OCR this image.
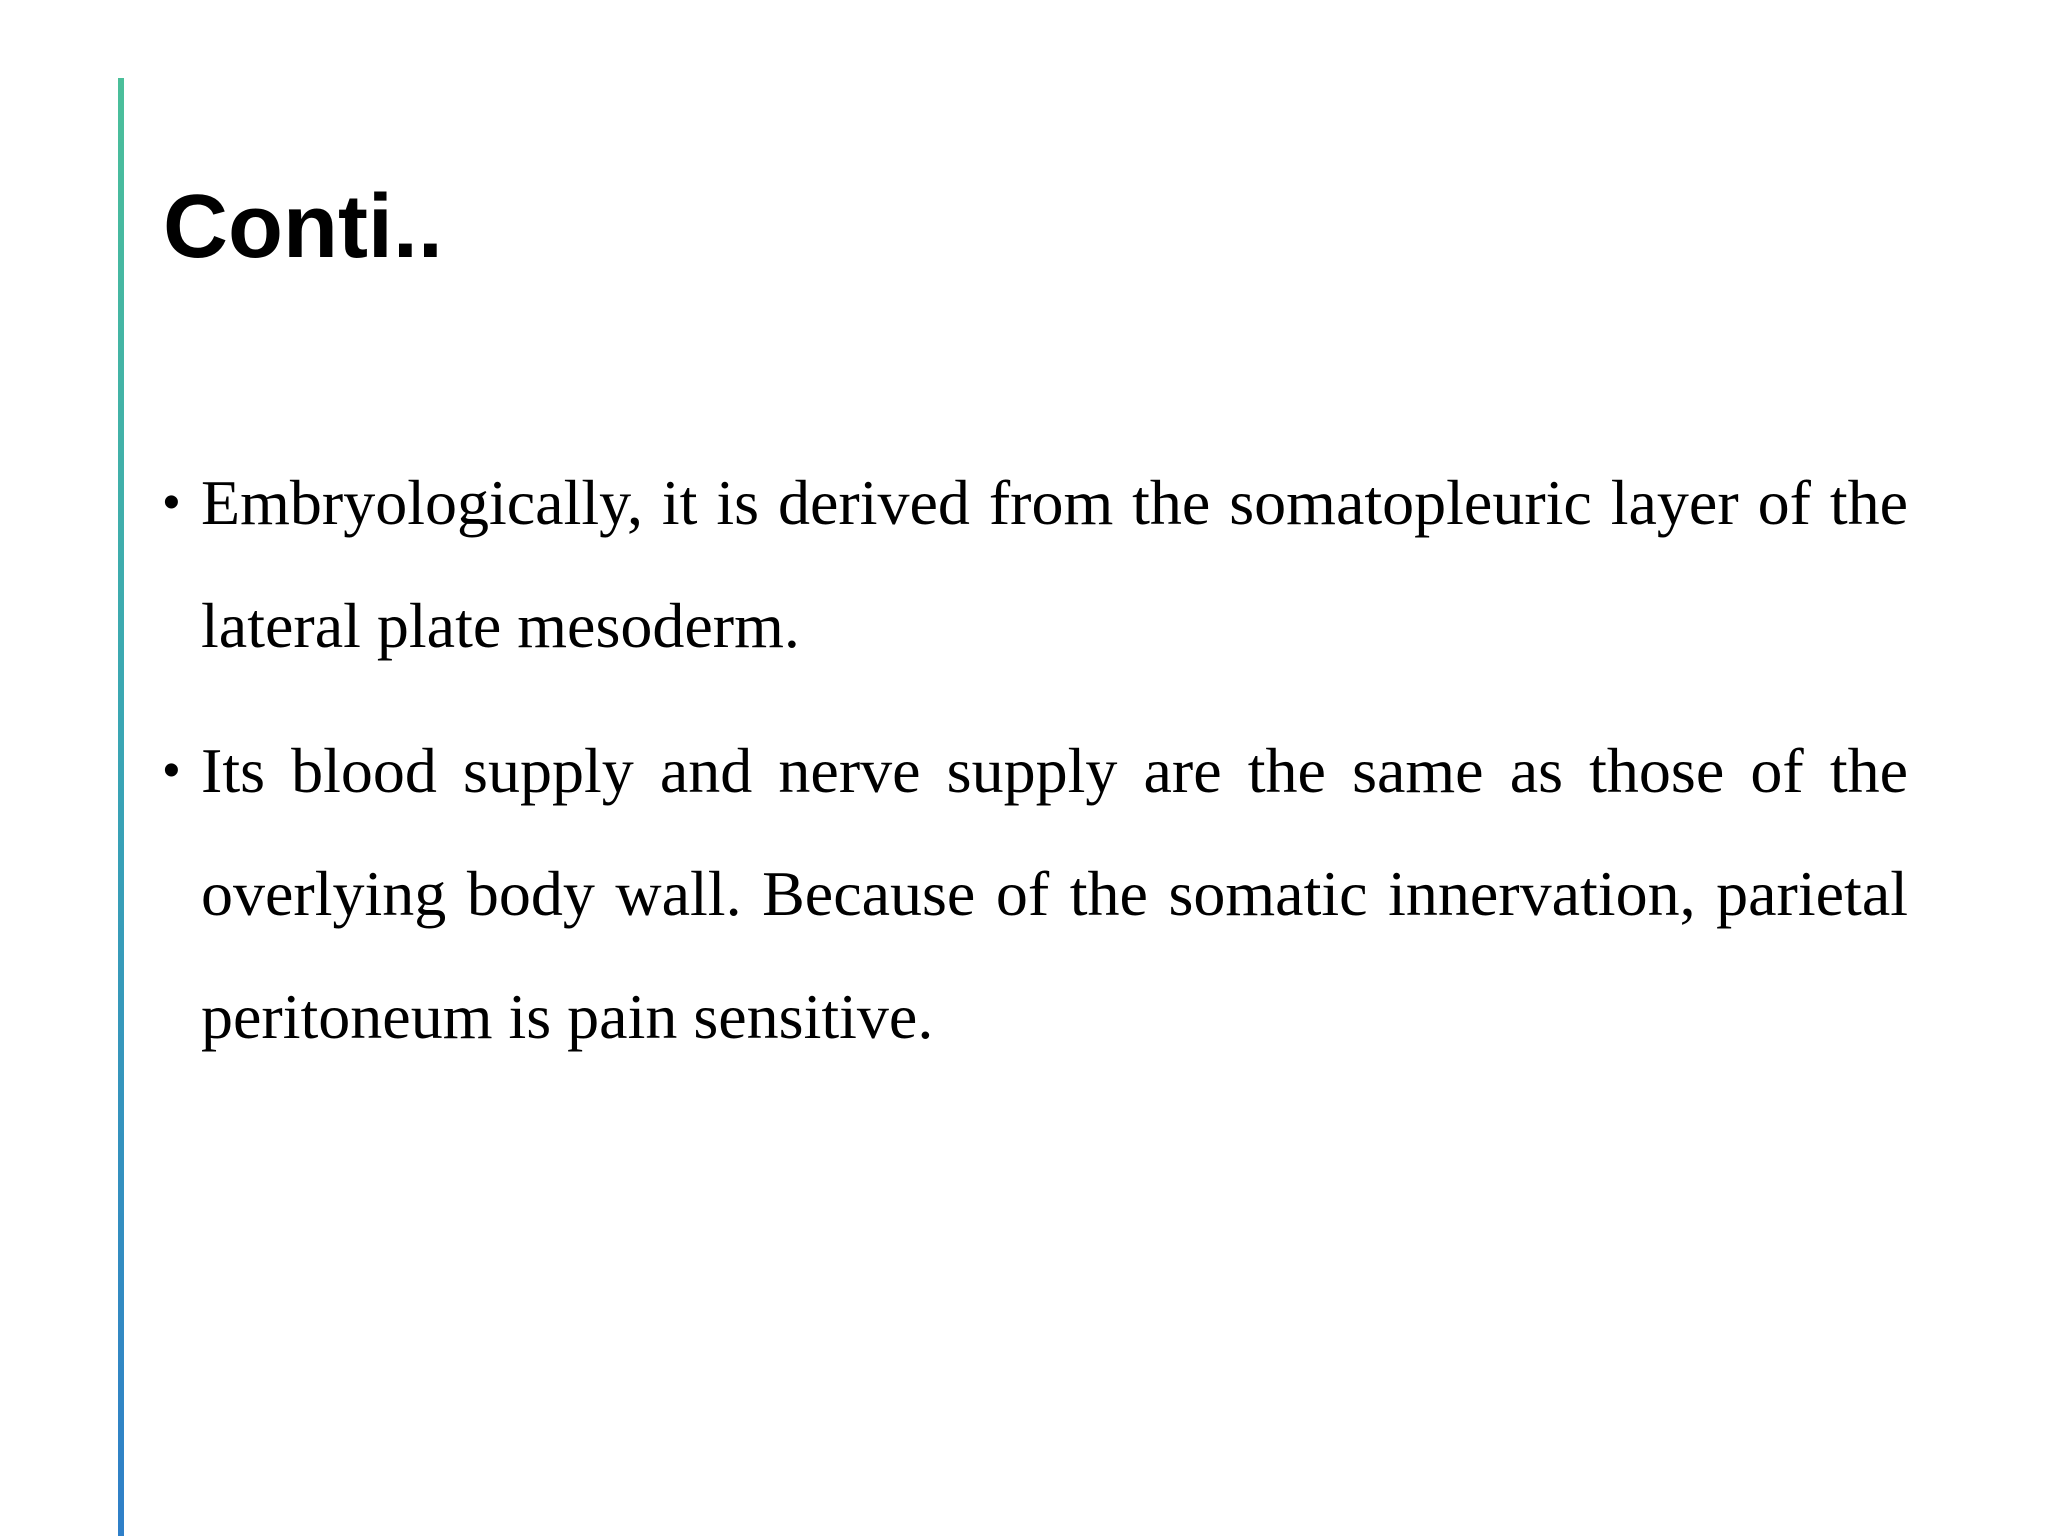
Conti..
• Embryologically, it is derived from the somatopleuric layer of the lateral plate mesoderm.
• Its blood supply and nerve supply are the same as those of the overlying body wall. Because of the somatic innervation, parietal peritoneum is pain sensitive.
